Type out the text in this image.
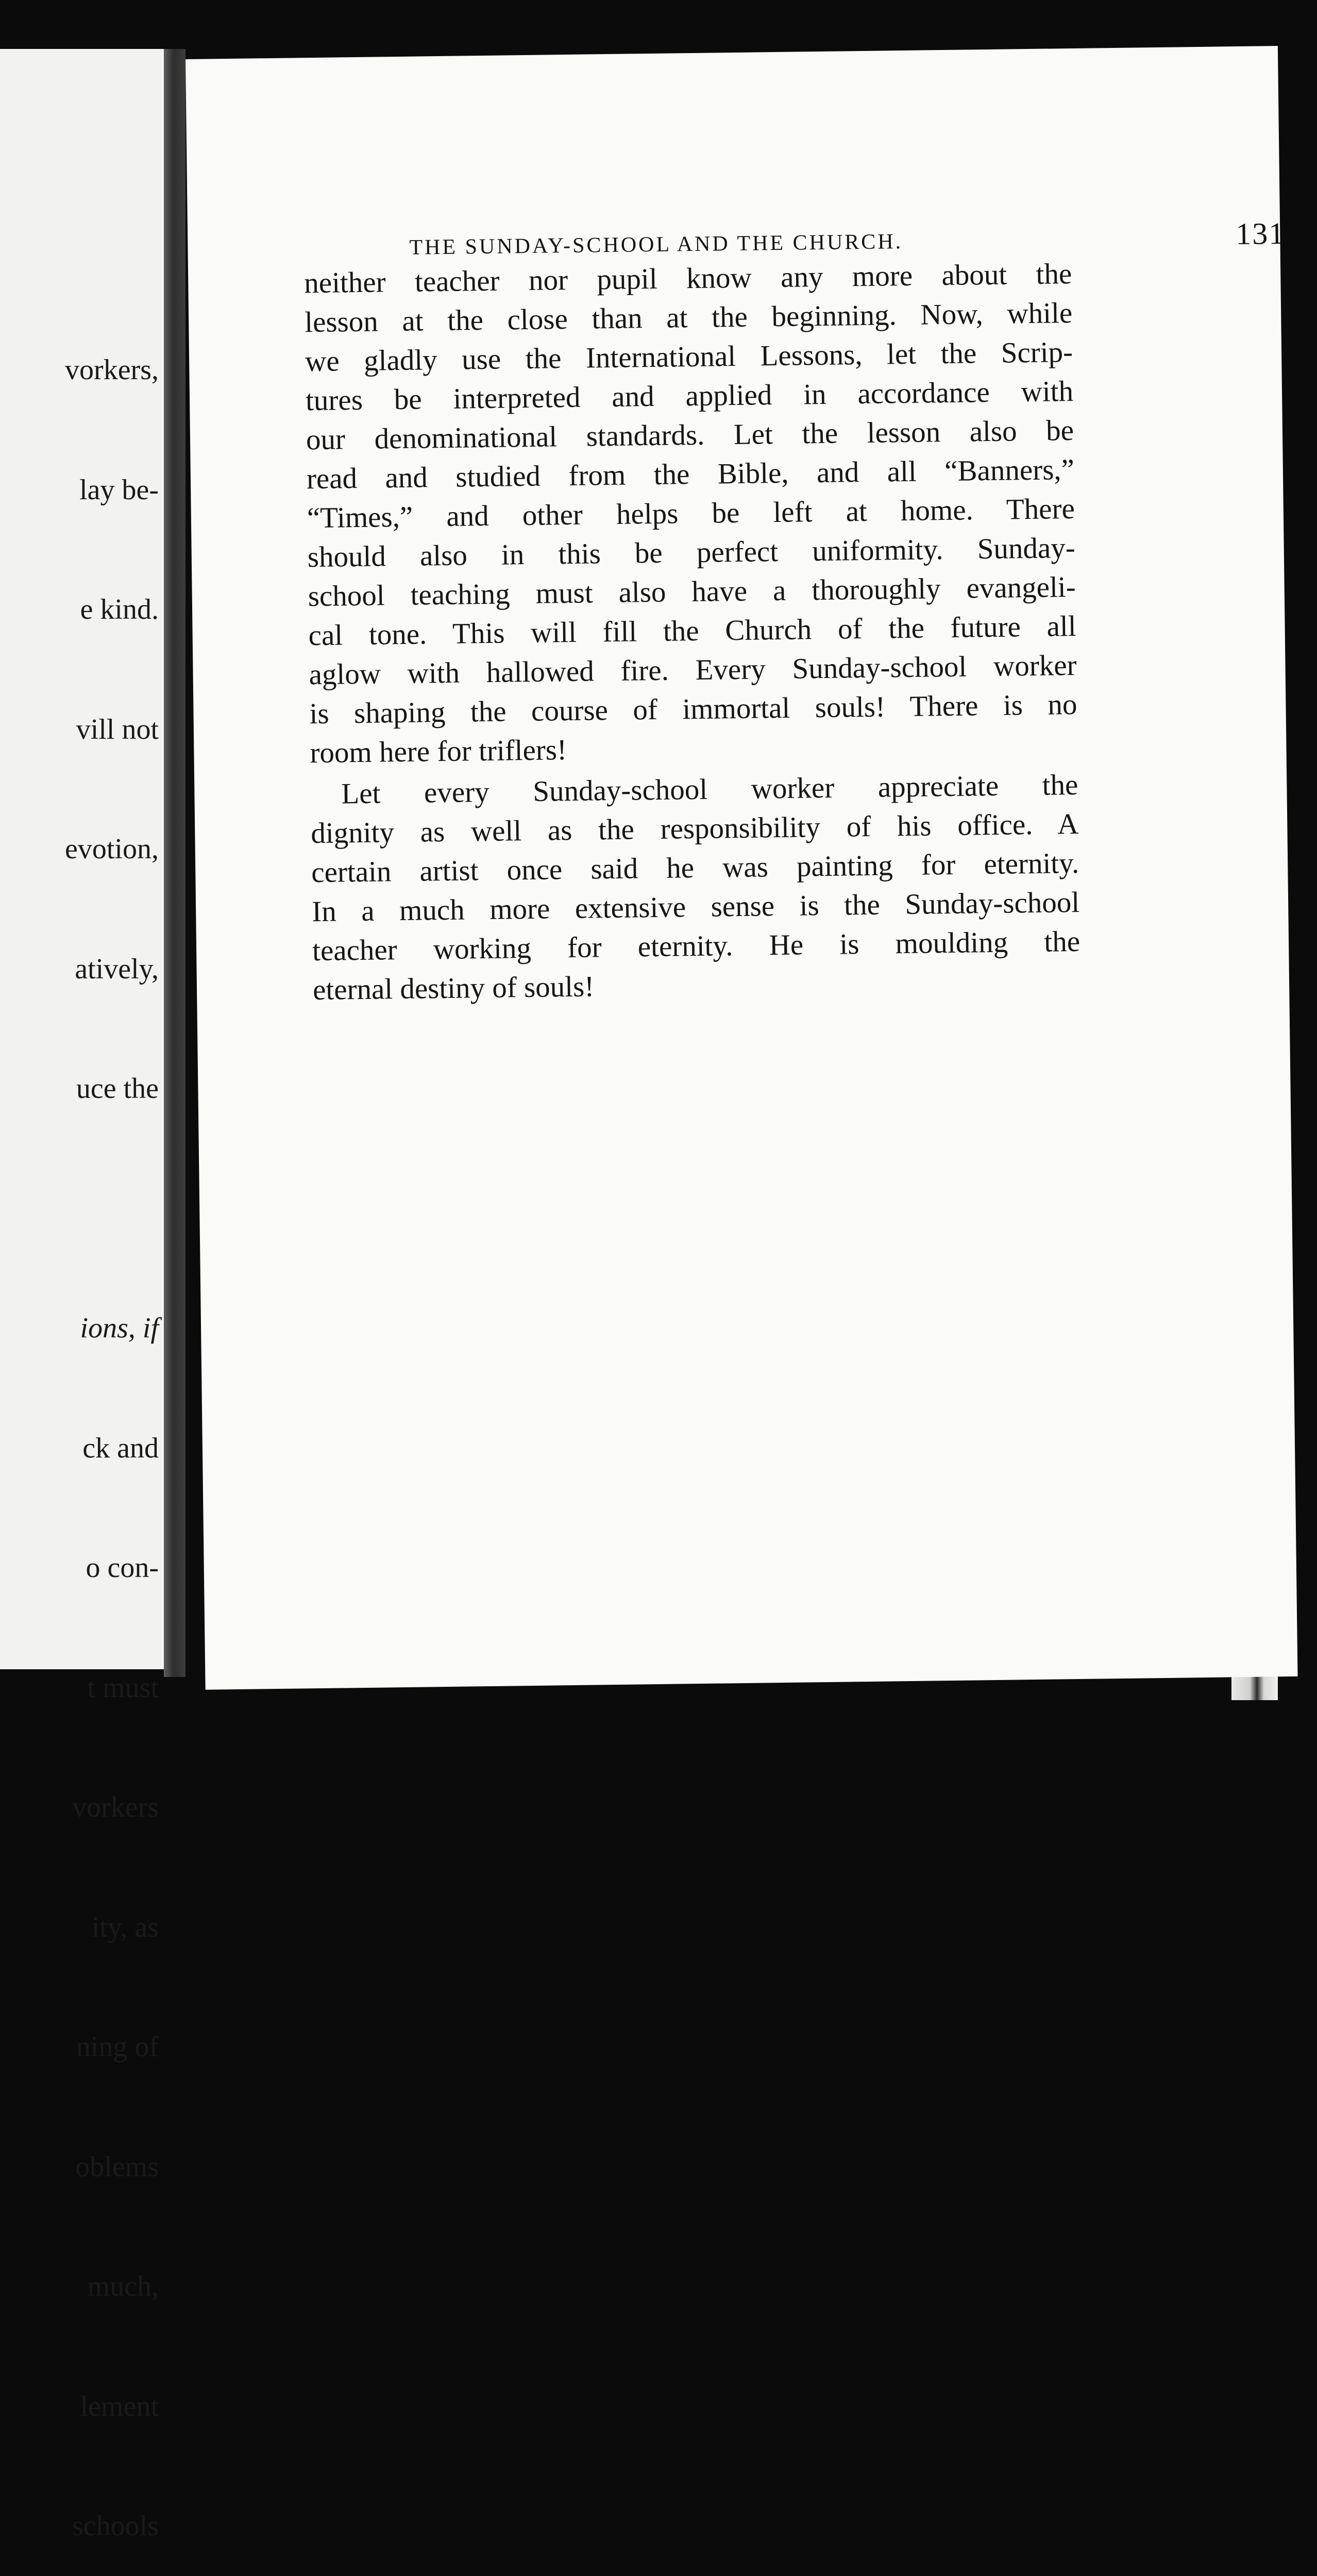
vorkers,

lay be-

e kind.

vill not

evotion,

atively,

uce the

ions, if

ck and

o con-

t must

vorkers

ity, as

ning of

oblems

much,

lement

schools

THE SUNDAY-SCHOOL AND THE CHURCH.	131
neither teacher nor pupil know any more about the
lesson at the close than at the beginning. Now, while
we gladly use the International Lessons, let the Scrip-
tures be interpreted and applied in accordance with
our denominational standards. Let the lesson also be
read and studied from the Bible, and all “Banners,”
“Times,” and other helps be left at home. There
should also in this be perfect uniformity. Sunday-
school teaching must also have a thoroughly evangeli-
cal tone. This will fill the Church of the future all
aglow with hallowed fire. Every Sunday-school worker
is shaping the course of immortal souls! There is no
room here for triflers!
Let every Sunday-school worker appreciate the
dignity as well as the responsibility of his office. A
certain artist once said he was painting for eternity.
In a much more extensive sense is the Sunday-school
teacher working for eternity. He is moulding the
eternal destiny of souls!
